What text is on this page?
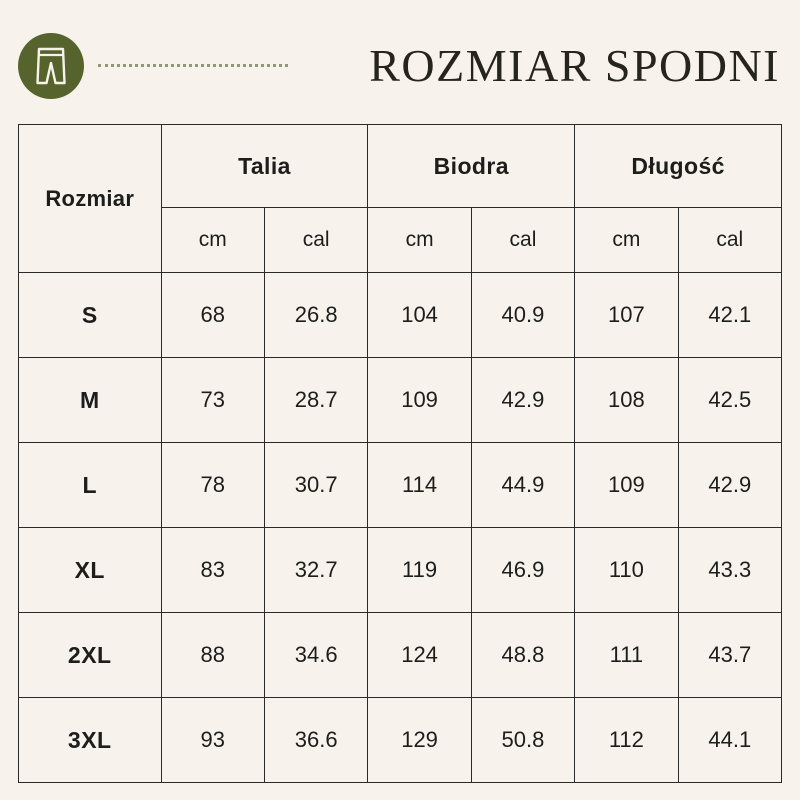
ROZMIAR SPODNI
Rozmiar	Talia		Biodra		Długość	
	cm	cal	cm	cal	cm	cal
S	68	26.8	104	40.9	107	42.1
M	73	28.7	109	42.9	108	42.5
L	78	30.7	114	44.9	109	42.9
XL	83	32.7	119	46.9	110	43.3
2XL	88	34.6	124	48.8	111	43.7
3XL	93	36.6	129	50.8	112	44.1
